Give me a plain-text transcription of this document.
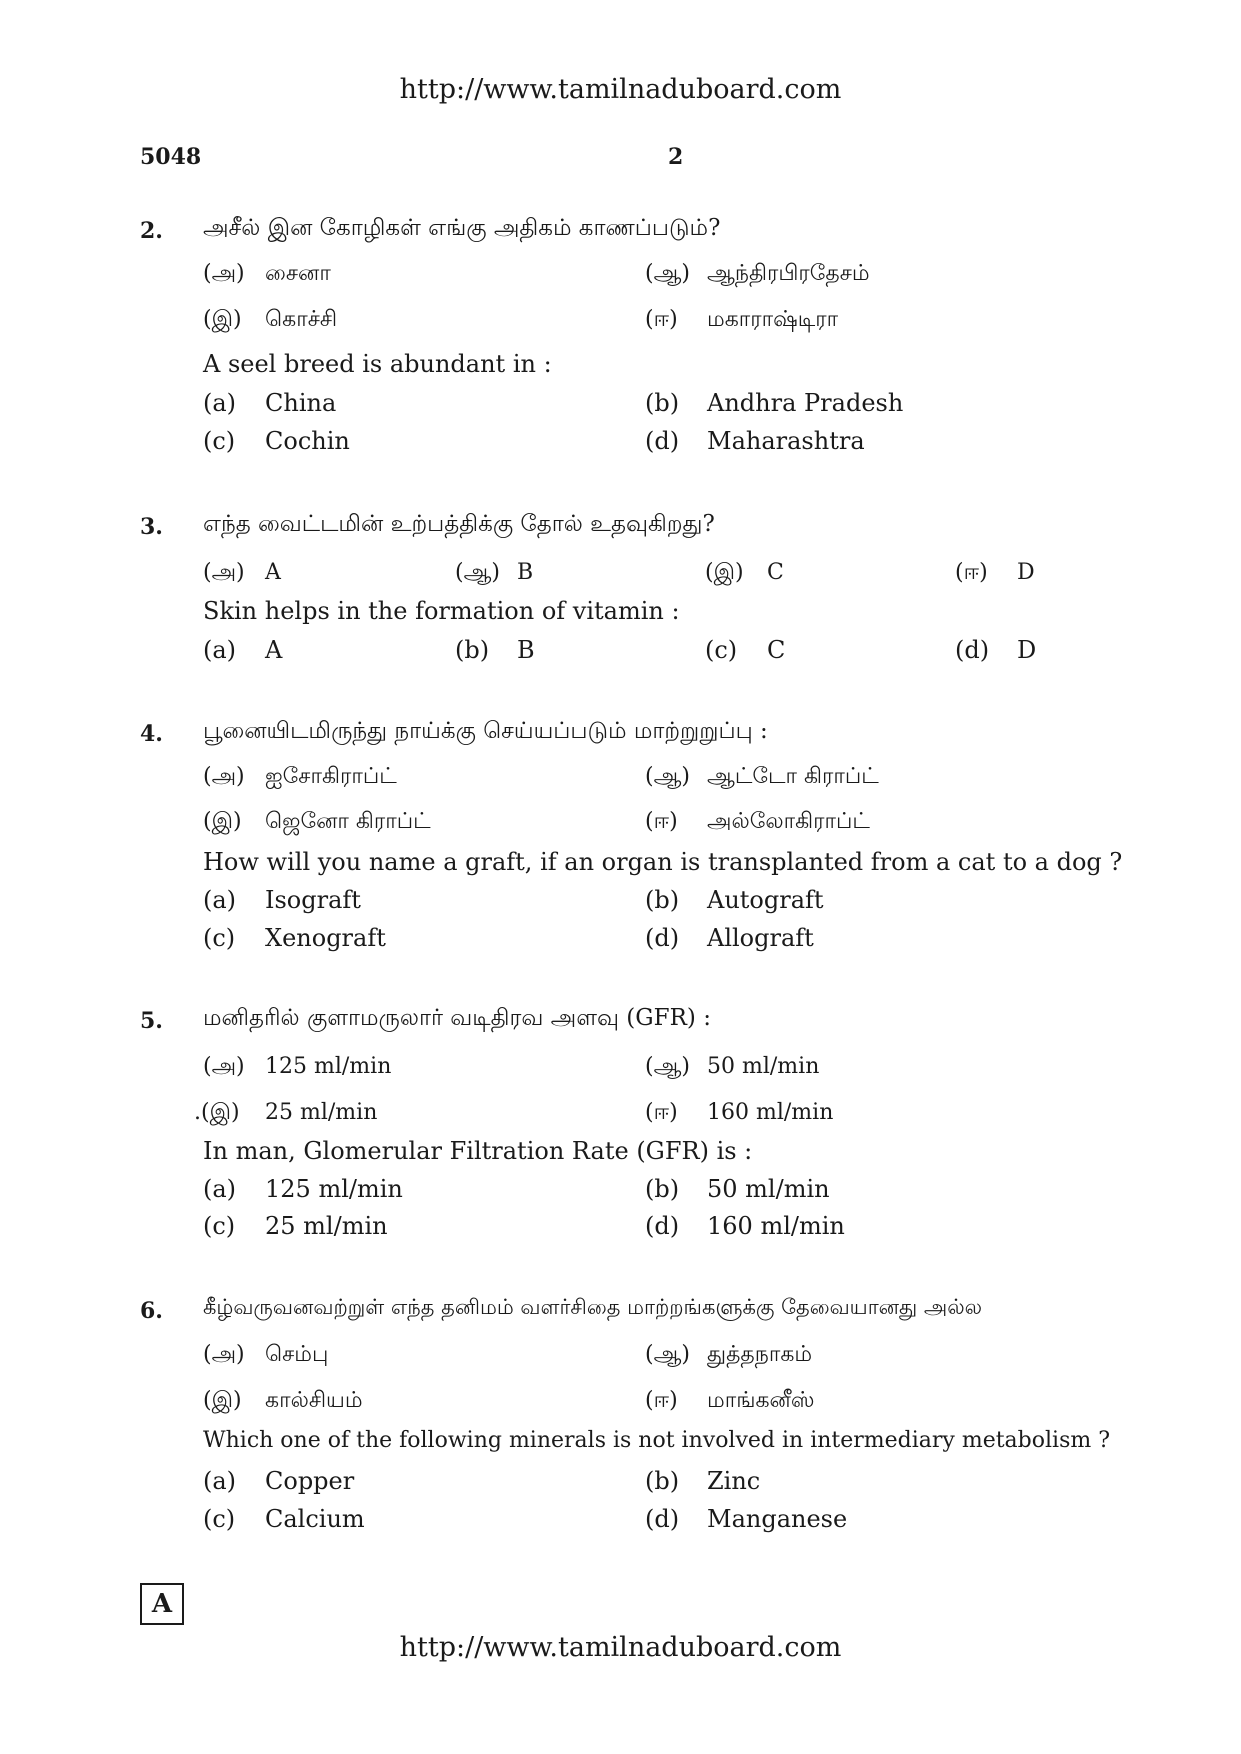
http://www.tamilnaduboard.com
5048	2
2. அசீல் இன கோழிகள் எங்கு அதிகம் காணப்படும்?
(அ) சைனா	(ஆ) ஆந்திரபிரதேசம்
(இ) கொச்சி	(ஈ) மகாராஷ்டிரா
A seel breed is abundant in :
(a) China	(b) Andhra Pradesh
(c) Cochin	(d) Maharashtra
3. எந்த வைட்டமின் உற்பத்திக்கு தோல் உதவுகிறது?
(அ) A	(ஆ) B	(இ) C	(ஈ) D
Skin helps in the formation of vitamin :
(a) A	(b) B	(c) C	(d) D
4. பூனையிடமிருந்து நாய்க்கு செய்யப்படும் மாற்றுறுப்பு :
(அ) ஐசோகிராப்ட்	(ஆ) ஆட்டோ கிராப்ட்
(இ) ஜெனோ கிராப்ட்	(ஈ) அல்லோகிராப்ட்
How will you name a graft, if an organ is transplanted from a cat to a dog ?
(a) Isograft	(b) Autograft
(c) Xenograft	(d) Allograft
5. மனிதரில் குளாமருலார் வடிதிரவ அளவு (GFR) :
(அ) 125 ml/min	(ஆ) 50 ml/min
.(இ) 25 ml/min	(ஈ) 160 ml/min
In man, Glomerular Filtration Rate (GFR) is :
(a) 125 ml/min	(b) 50 ml/min
(c) 25 ml/min	(d) 160 ml/min
6. கீழ்வருவனவற்றுள் எந்த தனிமம் வளர்சிதை மாற்றங்களுக்கு தேவையானது அல்ல
(அ) செம்பு	(ஆ) துத்தநாகம்
(இ) கால்சியம்	(ஈ) மாங்கனீஸ்
Which one of the following minerals is not involved in intermediary metabolism ?
(a) Copper	(b) Zinc
(c) Calcium	(d) Manganese
A
http://www.tamilnaduboard.com
